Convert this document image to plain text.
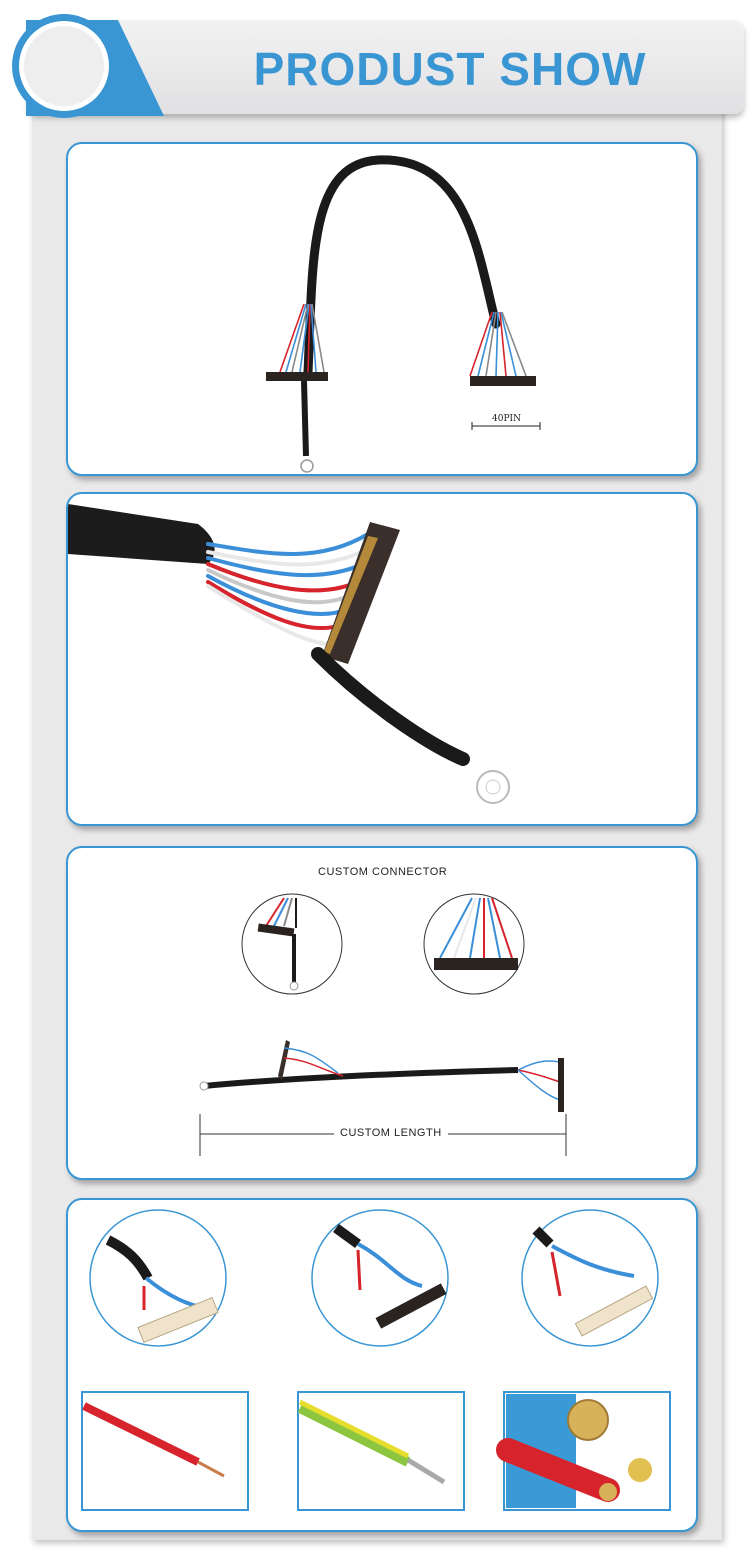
PRODUST SHOW
40PIN
CUSTOM CONNECTOR
CUSTOM LENGTH
